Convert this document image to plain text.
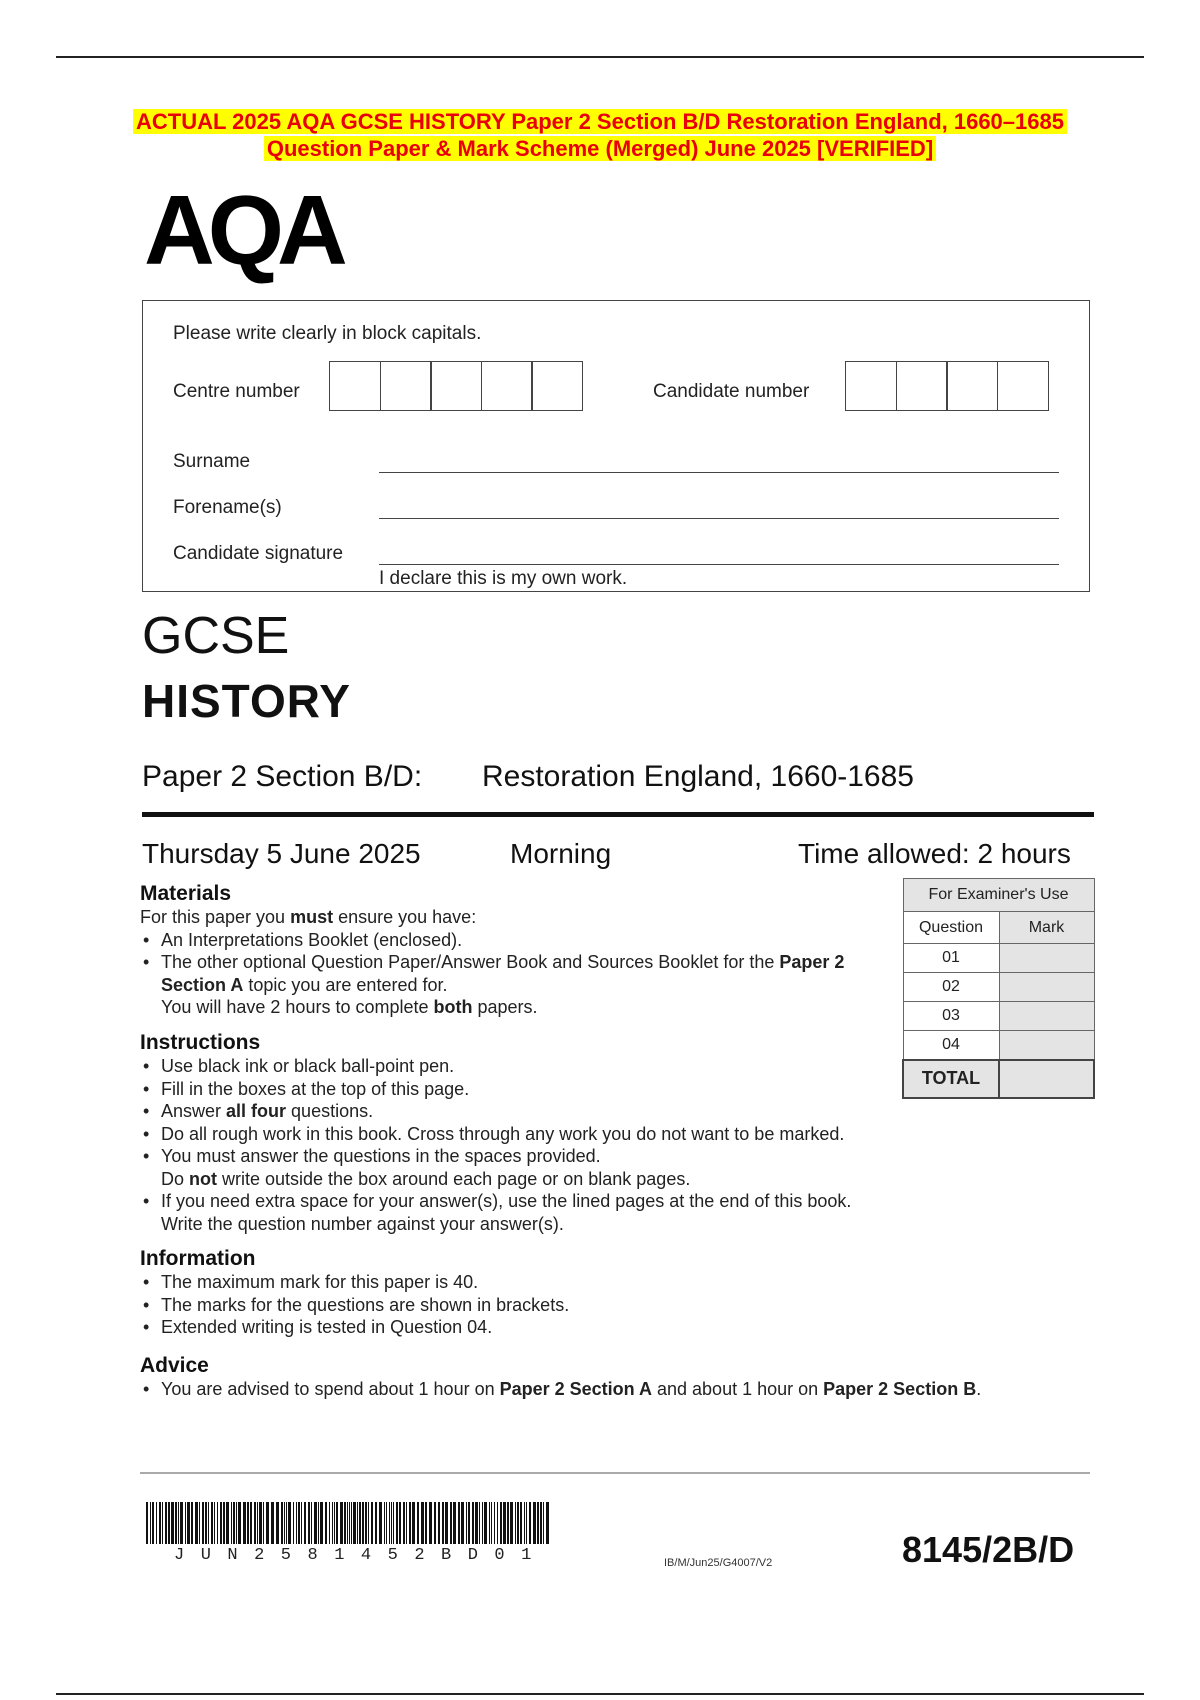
ACTUAL 2025 AQA GCSE HISTORY Paper 2 Section B/D Restoration England, 1660–1685
Question Paper & Mark Scheme (Merged) June 2025 [VERIFIED]
AQA
Please write clearly in block capitals.
Centre number	Candidate number
Surname
Forename(s)
Candidate signature
I declare this is my own work.
GCSE
HISTORY
Paper 2 Section B/D: Restoration England, 1660-1685
Thursday 5 June 2025	Morning	Time allowed: 2 hours
Materials
For this paper you must ensure you have:
• An Interpretations Booklet (enclosed).
• The other optional Question Paper/Answer Book and Sources Booklet for the Paper 2 Section A topic you are entered for.
You will have 2 hours to complete both papers.
Instructions
• Use black ink or black ball-point pen.
• Fill in the boxes at the top of this page.
• Answer all four questions.
• Do all rough work in this book. Cross through any work you do not want to be marked.
• You must answer the questions in the spaces provided.
Do not write outside the box around each page or on blank pages.
• If you need extra space for your answer(s), use the lined pages at the end of this book.
Write the question number against your answer(s).
Information
• The maximum mark for this paper is 40.
• The marks for the questions are shown in brackets.
• Extended writing is tested in Question 04.
Advice
• You are advised to spend about 1 hour on Paper 2 Section A and about 1 hour on Paper 2 Section B.
For Examiner's Use	
Question	Mark
01	
02	
03	
04	
TOTAL	
JUN2581452BD01	IB/M/Jun25/G4007/V2	8145/2B/D
